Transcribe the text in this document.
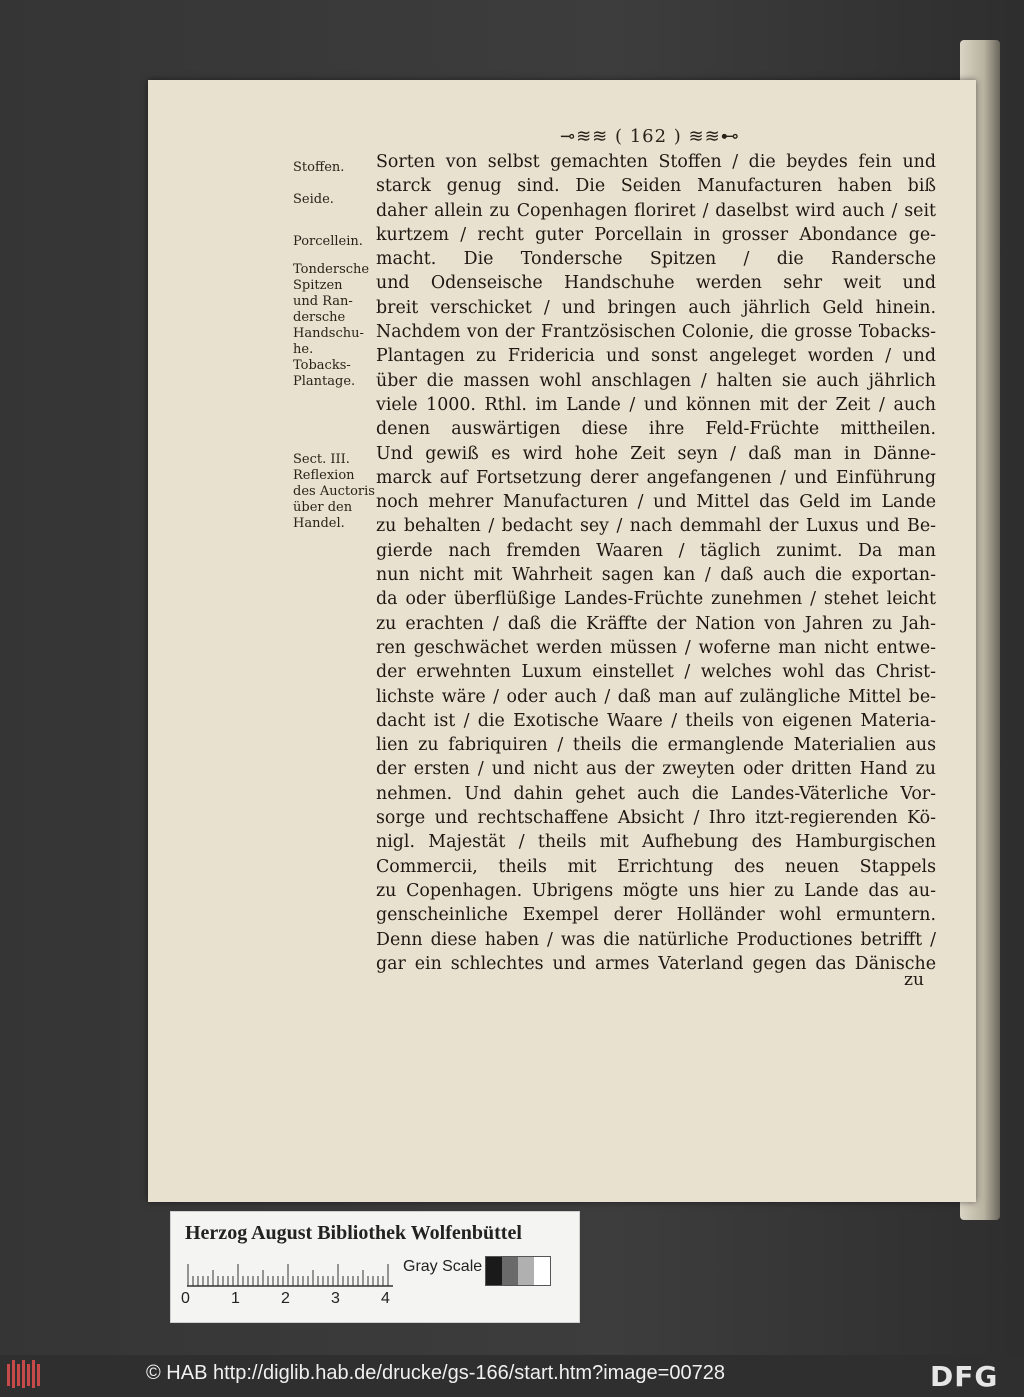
⊸≋≋ ( 162 ) ≋≋⊷
Stoffen.
Seide.
Porcellein.
Tondersche
Spitzen
und Ran-
dersche
Handschu-
he.
Tobacks-
Plantage.
Sect. III.
Reflexion
des Auctoris
über den
Handel.
Sorten von selbst gemachten Stoffen / die beydes fein und
starck genug sind. Die Seiden Manufacturen haben biß
daher allein zu Copenhagen floriret / daselbst wird auch / seit
kurtzem / recht guter Porcellain in grosser Abondance ge-
macht. Die Tondersche Spitzen / die Randersche
und Odenseische Handschuhe werden sehr weit und
breit verschicket / und bringen auch jährlich Geld hinein.
Nachdem von der Frantzösischen Colonie, die grosse Tobacks-
Plantagen zu Fridericia und sonst angeleget worden / und
über die massen wohl anschlagen / halten sie auch jährlich
viele 1000. Rthl. im Lande / und können mit der Zeit / auch
denen auswärtigen diese ihre Feld-Früchte mittheilen.
Und gewiß es wird hohe Zeit seyn / daß man in Dänne-
marck auf Fortsetzung derer angefangenen / und Einführung
noch mehrer Manufacturen / und Mittel das Geld im Lande
zu behalten / bedacht sey / nach demmahl der Luxus und Be-
gierde nach fremden Waaren / täglich zunimt. Da man
nun nicht mit Wahrheit sagen kan / daß auch die exportan-
da oder überflüßige Landes-Früchte zunehmen / stehet leicht
zu erachten / daß die Kräffte der Nation von Jahren zu Jah-
ren geschwächet werden müssen / woferne man nicht entwe-
der erwehnten Luxum einstellet / welches wohl das Christ-
lichste wäre / oder auch / daß man auf zulängliche Mittel be-
dacht ist / die Exotische Waare / theils von eigenen Materia-
lien zu fabriquiren / theils die ermanglende Materialien aus
der ersten / und nicht aus der zweyten oder dritten Hand zu
nehmen. Und dahin gehet auch die Landes-Väterliche Vor-
sorge und rechtschaffene Absicht / Ihro itzt-regierenden Kö-
nigl. Majestät / theils mit Aufhebung des Hamburgischen
Commercii, theils mit Errichtung des neuen Stappels
zu Copenhagen. Ubrigens mögte uns hier zu Lande das au-
genscheinliche Exempel derer Holländer wohl ermuntern.
Denn diese haben / was die natürliche Productiones betrifft /
gar ein schlechtes und armes Vaterland gegen das Dänische
zu
Herzog August Bibliothek Wolfenbüttel
0	1	2	3	4
Gray Scale
© HAB http://diglib.hab.de/drucke/gs-166/start.htm?image=00728	DFG
